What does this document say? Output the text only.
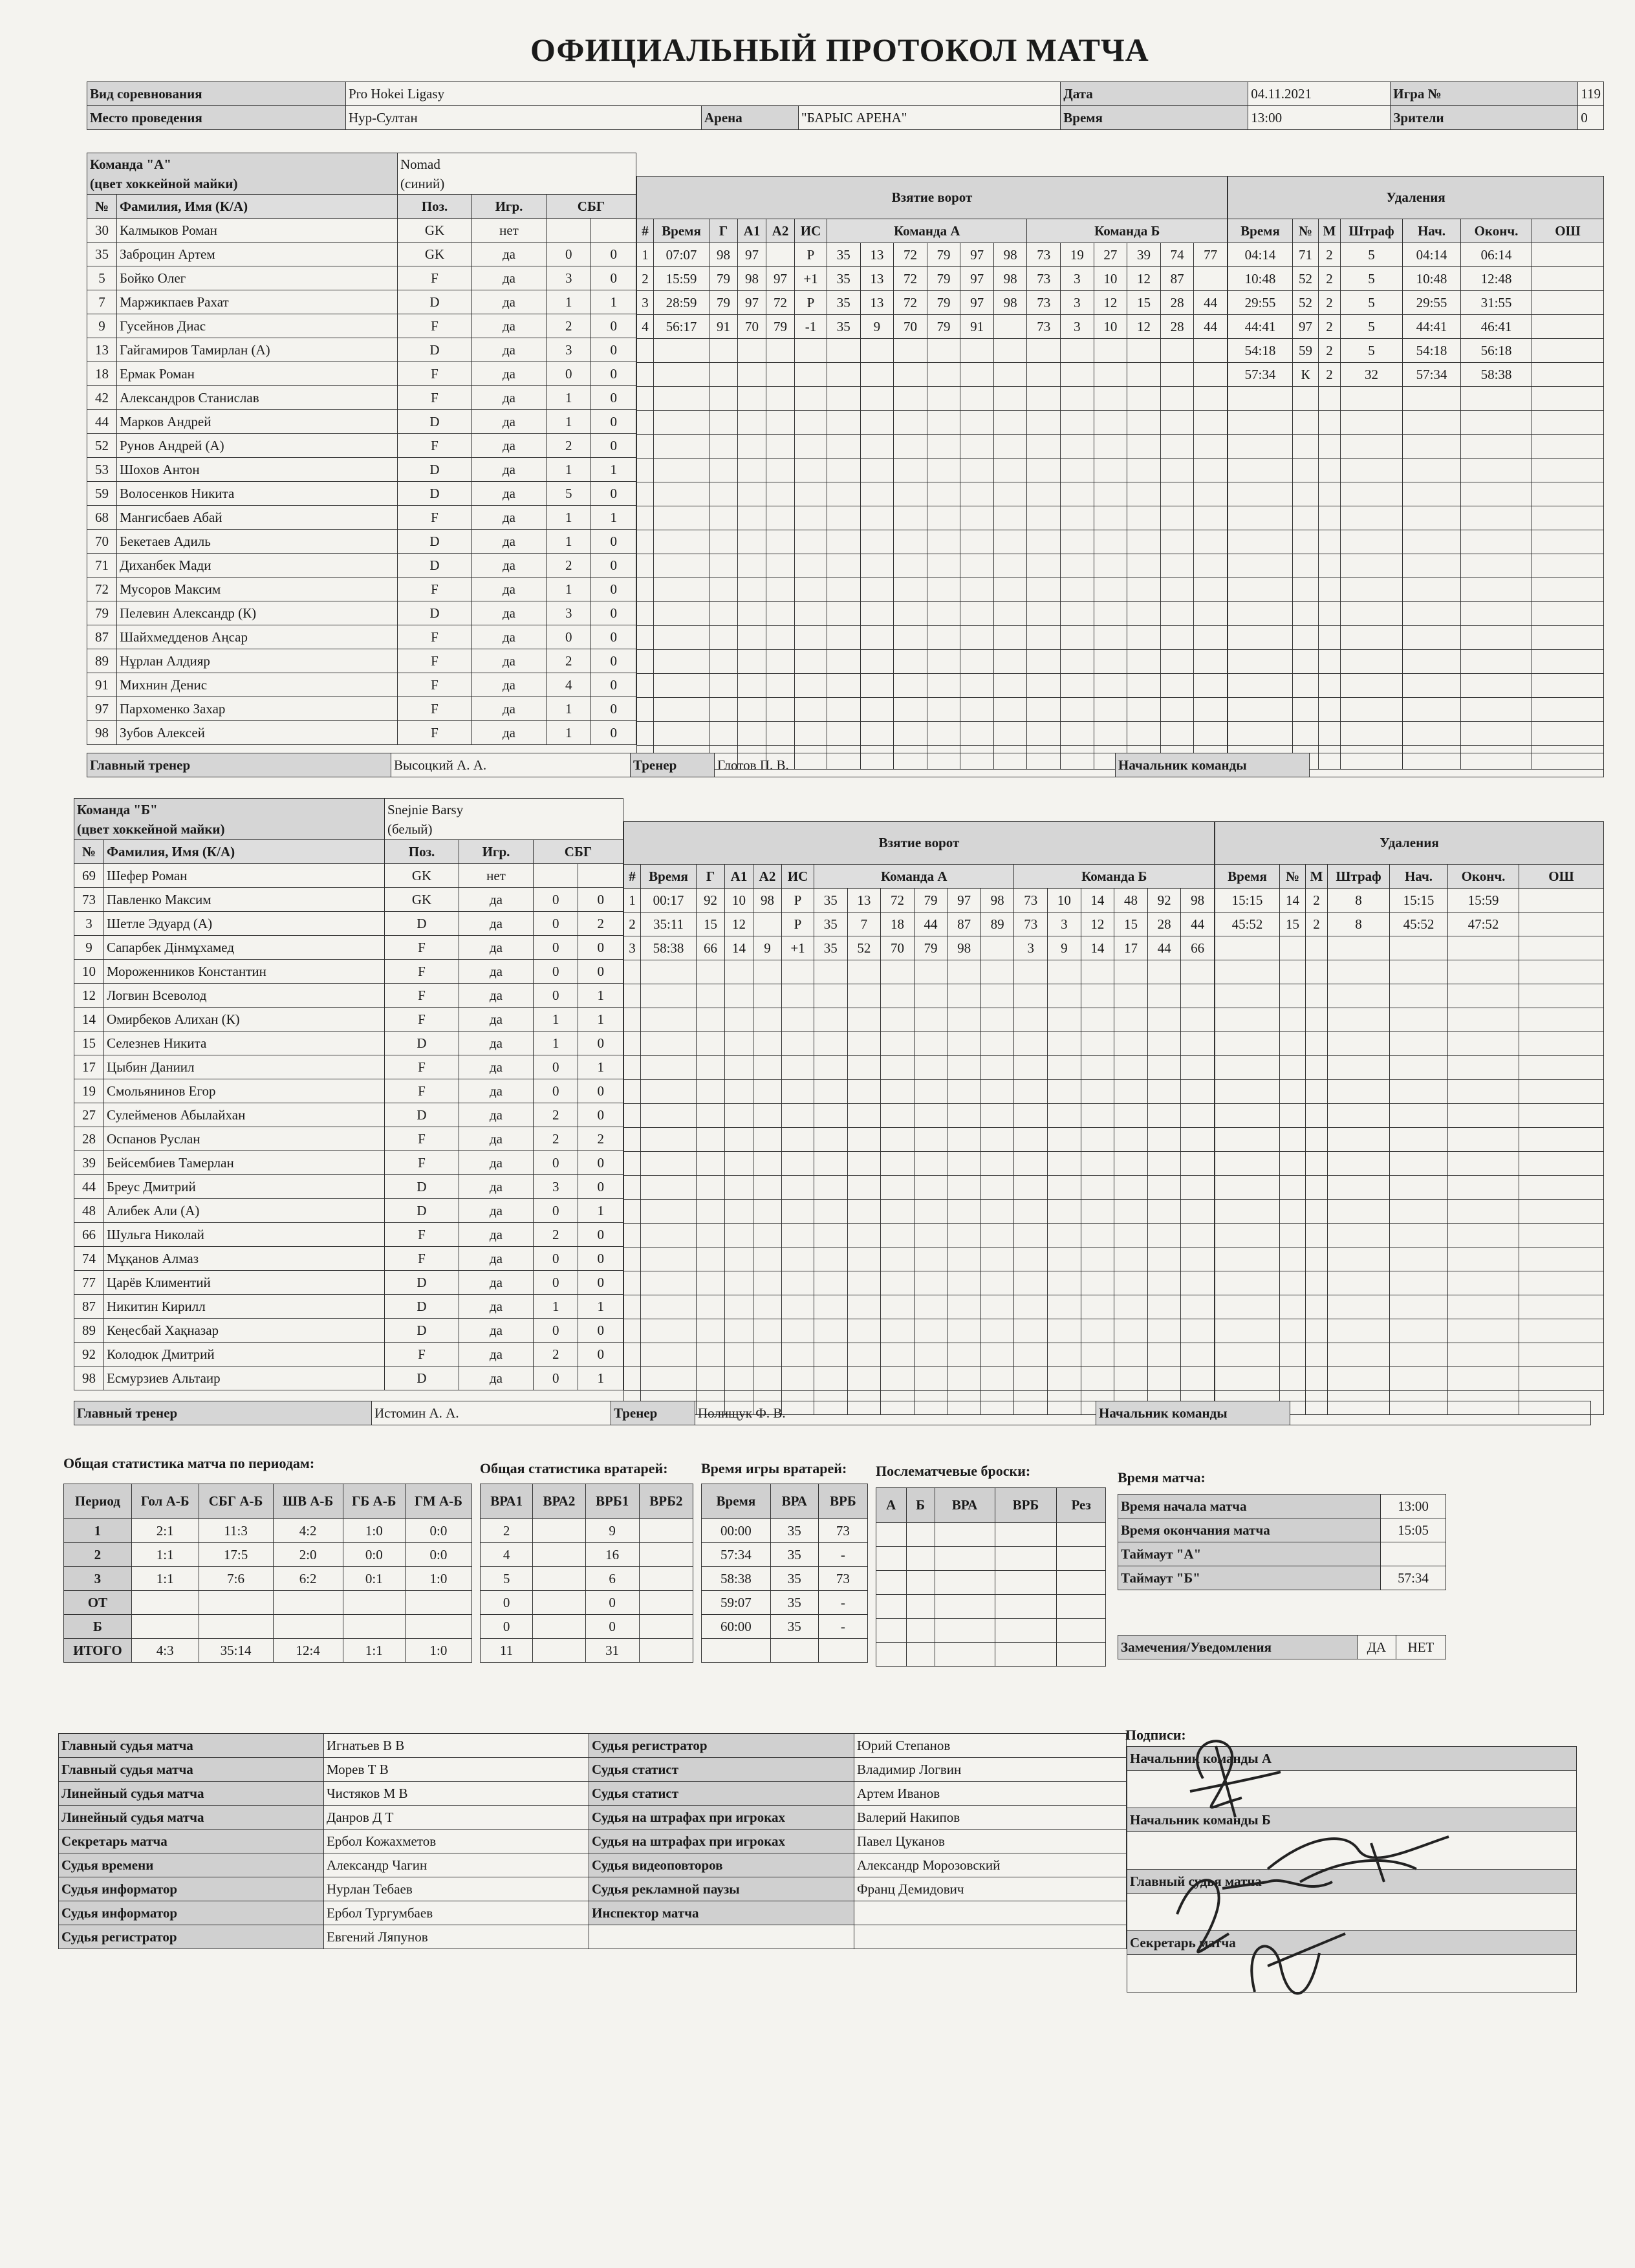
ОФИЦИАЛЬНЫЙ ПРОТОКОЛ МАТЧА
Вид соревнования	Pro Hokei Ligasy			Дата	04.11.2021	Игра №	119
Место проведения	Нур-Султан	Арена	"БАРЫС АРЕНА"	Время	13:00	Зрители	0
Команда "А"
(цвет хоккейной майки)		Nomad
(синий)			
№	Фамилия, Имя (К/А)	Поз.	Игр.	СБГ	
30	Калмыков Роман	GK	нет		
35	Заброцин Артем	GK	да	0	0
5	Бойко Олег	F	да	3	0
7	Маржикпаев Рахат	D	да	1	1
9	Гусейнов Диас	F	да	2	0
13	Гайгамиров Тамирлан (А)	D	да	3	0
18	Ермак Роман	F	да	0	0
42	Александров Станислав	F	да	1	0
44	Марков Андрей	D	да	1	0
52	Рунов Андрей (А)	F	да	2	0
53	Шохов Антон	D	да	1	1
59	Волосенков Никита	D	да	5	0
68	Мангисбаев Абай	F	да	1	1
70	Бекетаев Адиль	D	да	1	0
71	Диханбек Мади	D	да	2	0
72	Мусоров Максим	F	да	1	0
79	Пелевин Александр (К)	D	да	3	0
87	Шайхмедденов Аңсар	F	да	0	0
89	Нұрлан Алдияр	F	да	2	0
91	Михнин Денис	F	да	4	0
97	Пархоменко Захар	F	да	1	0
98	Зубов Алексей	F	да	1	0
Взятие ворот																	
#	Время	Г	А1	А2	ИС	Команда А						Команда Б					
1	07:07	98	97		Р	35	13	72	79	97	98	73	19	27	39	74	77
2	15:59	79	98	97	+1	35	13	72	79	97	98	73	3	10	12	87	
3	28:59	79	97	72	Р	35	13	72	79	97	98	73	3	12	15	28	44
4	56:17	91	70	79	-1	35	9	70	79	91		73	3	10	12	28	44

Удаления						
Время	№	М	Штраф	Нач.	Оконч.	ОШ
04:14	71	2	5	04:14	06:14	
10:48	52	2	5	10:48	12:48	
29:55	52	2	5	29:55	31:55	
44:41	97	2	5	44:41	46:41	
54:18	59	2	5	54:18	56:18	
57:34	К	2	32	57:34	58:38	

Главный тренер	Высоцкий А. А.	Тренер	Глотов П. В.	Начальник команды	
Команда "Б"
(цвет хоккейной майки)		Snejnie Barsy
(белый)			
№	Фамилия, Имя (К/А)	Поз.	Игр.	СБГ	
69	Шефер Роман	GK	нет		
73	Павленко Максим	GK	да	0	0
3	Шетле Эдуард (А)	D	да	0	2
9	Сапарбек Дінмұхамед	F	да	0	0
10	Мороженников Константин	F	да	0	0
12	Логвин Всеволод	F	да	0	1
14	Омирбеков Алихан (К)	F	да	1	1
15	Селезнев Никита	D	да	1	0
17	Цыбин Даниил	F	да	0	1
19	Смольянинов Егор	F	да	0	0
27	Сулейменов Абылайхан	D	да	2	0
28	Оспанов Руслан	F	да	2	2
39	Бейсембиев Тамерлан	F	да	0	0
44	Бреус Дмитрий	D	да	3	0
48	Алибек Али (А)	D	да	0	1
66	Шульга Николай	F	да	2	0
74	Мұқанов Алмаз	F	да	0	0
77	Царёв Климентий	D	да	0	0
87	Никитин Кирилл	D	да	1	1
89	Кеңесбай Хақназар	D	да	0	0
92	Колодюк Дмитрий	F	да	2	0
98	Есмурзиев Альтаир	D	да	0	1
Взятие ворот																	
#	Время	Г	А1	А2	ИС	Команда А						Команда Б					
1	00:17	92	10	98	Р	35	13	72	79	97	98	73	10	14	48	92	98
2	35:11	15	12		Р	35	7	18	44	87	89	73	3	12	15	28	44
3	58:38	66	14	9	+1	35	52	70	79	98		3	9	14	17	44	66

Удаления						
Время	№	М	Штраф	Нач.	Оконч.	ОШ
15:15	14	2	8	15:15	15:59	
45:52	15	2	8	45:52	47:52	

Главный тренер	Истомин А. А.	Тренер	Полищук Ф. В.	Начальник команды	
Общая статистика матча по периодам:
Период	Гол А-Б	СБГ А-Б	ШВ А-Б	ГБ А-Б	ГМ А-Б
1	2:1	11:3	4:2	1:0	0:0
2	1:1	17:5	2:0	0:0	0:0
3	1:1	7:6	6:2	0:1	1:0
ОТ					
Б					
ИТОГО	4:3	35:14	12:4	1:1	1:0
Общая статистика вратарей:
ВРА1	ВРА2	ВРБ1	ВРБ2
2		9	
4		16	
5		6	
0		0	
0		0	
11		31	
Время игры вратарей:
Время	ВРА	ВРБ
00:00	35	73
57:34	35	-
58:38	35	73
59:07	35	-
60:00	35	-

Послематчевые броски:
А	Б	ВРА	ВРБ	Рез

Время матча:
Время начала матча	13:00
Время окончания матча	15:05
Таймаут "А"	
Таймаут "Б"	57:34
Замечения/Уведомления	ДА	НЕТ
Главный судья матча	Игнатьев В В	Судья регистратор	Юрий Степанов
Главный судья матча	Морев Т В	Судья статист	Владимир Логвин
Линейный судья матча	Чистяков М В	Судья статист	Артем Иванов
Линейный судья матча	Данров Д Т	Судья на штрафах при игроках	Валерий Накипов
Секретарь матча	Ербол Кожахметов	Судья на штрафах при игроках	Павел Цуканов
Судья времени	Александр Чагин	Судья видеоповторов	Александр Морозовский
Судья информатор	Нурлан Тебаев	Судья рекламной паузы	Франц Демидович
Судья информатор	Ербол Тургумбаев	Инспектор матча	
Судья регистратор	Евгений Ляпунов		
Подписи:
Начальник команды А

Начальник команды Б

Главный судья матча

Секретарь матча
